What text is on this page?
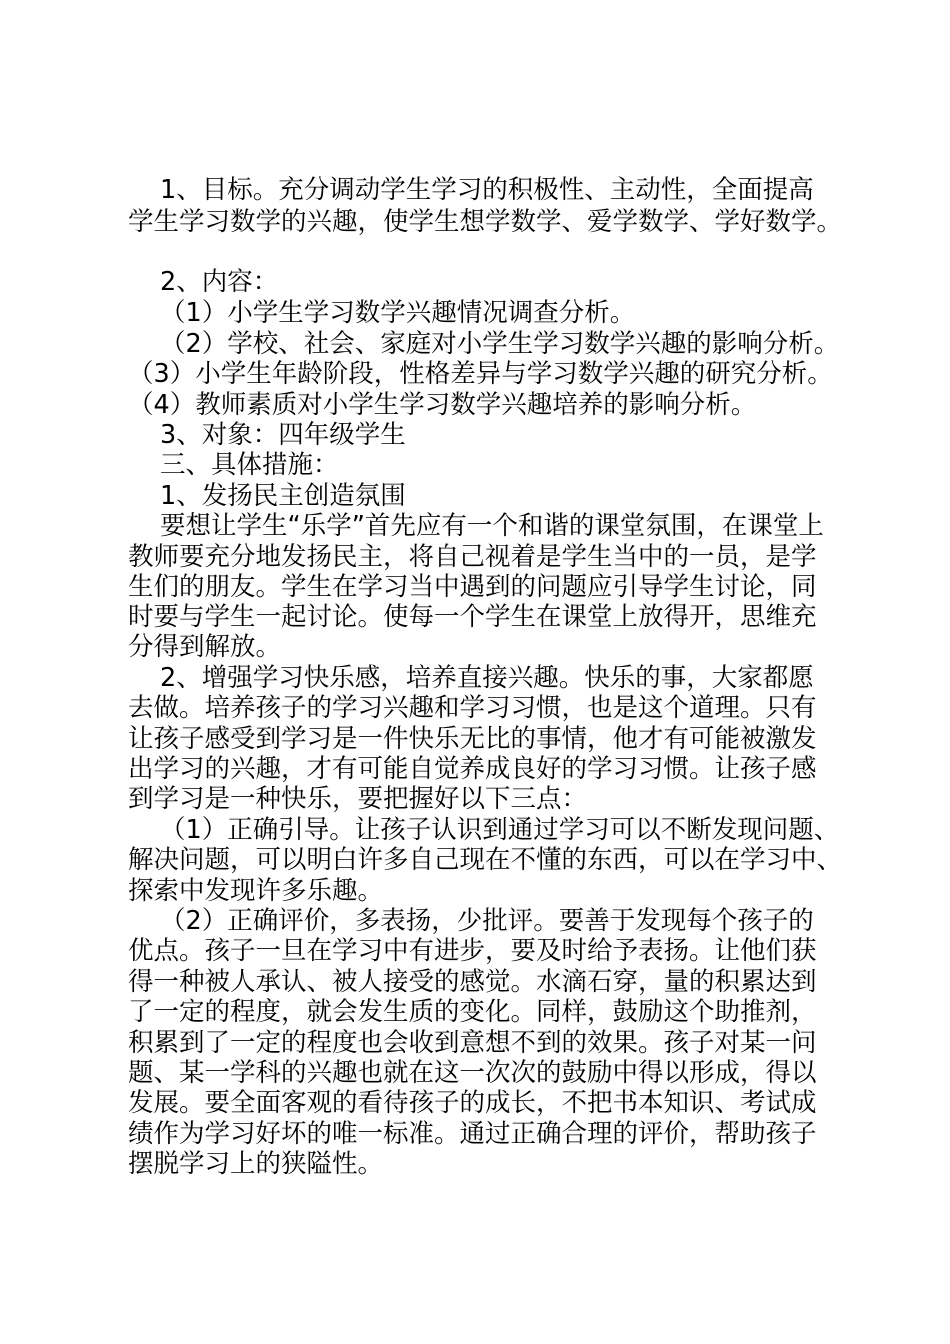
1、目标。充分调动学生学习的积极性、主动性，全面提高
学生学习数学的兴趣，使学生想学数学、爱学数学、学好数学。
2、内容：
（1）小学生学习数学兴趣情况调查分析。
（2）学校、社会、家庭对小学生学习数学兴趣的影响分析。
（3）小学生年龄阶段，性格差异与学习数学兴趣的研究分析。
（4）教师素质对小学生学习数学兴趣培养的影响分析。
3、对象：四年级学生
三、具体措施：
1、发扬民主创造氛围
要想让学生“乐学”首先应有一个和谐的课堂氛围，在课堂上
教师要充分地发扬民主，将自己视着是学生当中的一员，是学
生们的朋友。学生在学习当中遇到的问题应引导学生讨论，同
时要与学生一起讨论。使每一个学生在课堂上放得开，思维充
分得到解放。
2、增强学习快乐感，培养直接兴趣。快乐的事，大家都愿
去做。培养孩子的学习兴趣和学习习惯，也是这个道理。只有
让孩子感受到学习是一件快乐无比的事情，他才有可能被激发
出学习的兴趣，才有可能自觉养成良好的学习习惯。让孩子感
到学习是一种快乐，要把握好以下三点：
（1）正确引导。让孩子认识到通过学习可以不断发现问题、
解决问题，可以明白许多自己现在不懂的东西，可以在学习中、
探索中发现许多乐趣。
（2）正确评价，多表扬，少批评。要善于发现每个孩子的
优点。孩子一旦在学习中有进步，要及时给予表扬。让他们获
得一种被人承认、被人接受的感觉。水滴石穿，量的积累达到
了一定的程度，就会发生质的变化。同样，鼓励这个助推剂，
积累到了一定的程度也会收到意想不到的效果。孩子对某一问
题、某一学科的兴趣也就在这一次次的鼓励中得以形成，得以
发展。要全面客观的看待孩子的成长，不把书本知识、考试成
绩作为学习好坏的唯一标准。通过正确合理的评价，帮助孩子
摆脱学习上的狭隘性。
